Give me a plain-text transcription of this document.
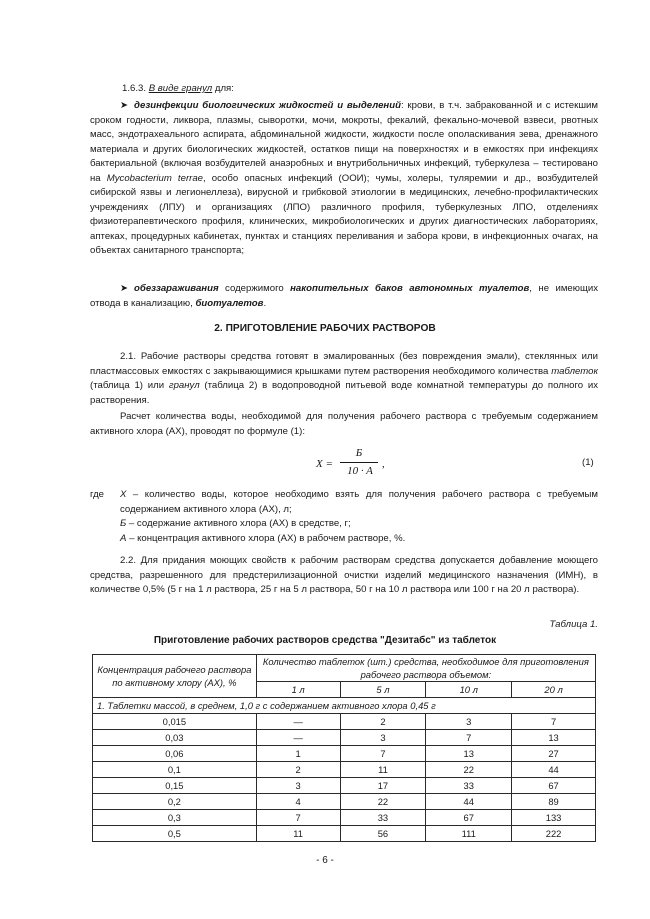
1.6.3. В виде гранул для:

➤ дезинфекции биологических жидкостей и выделений: крови, в т.ч. забракованной и с истекшим сроком годности, ликвора, плазмы, сыворотки, мочи, мокроты, фекалий, фекально-мочевой взвеси, рвотных масс, эндотрахеального аспирата, абдоминальной жидкости, жидкости после ополаскивания зева, дренажного материала и других биологических жидкостей, остатков пищи на поверхностях и в емкостях при инфекциях бактериальной (включая возбудителей анаэробных и внутрибольничных инфекций, туберкулеза – тестировано на Mycobacterium terrae, особо опасных инфекций (ООИ); чумы, холеры, туляремии и др., возбудителей сибирской язвы и легионеллеза), вирусной и грибковой этиологии в медицинских, лечебно-профилактических учреждениях (ЛПУ) и организациях (ЛПО) различного профиля, туберкулезных ЛПО, отделениях физиотерапевтического профиля, клинических, микробиологических и других диагностических лабораториях, аптеках, процедурных кабинетах, пунктах и станциях переливания и забора крови, в инфекционных очагах, на объектах санитарного транспорта;

➤ обеззараживания содержимого накопительных баков автономных туалетов, не имеющих отвода в канализацию, биотуалетов.

2. ПРИГОТОВЛЕНИЕ РАБОЧИХ РАСТВОРОВ

2.1. Рабочие растворы средства готовят в эмалированных (без повреждения эмали), стеклянных или пластмассовых емкостях с закрывающимися крышками путем растворения необходимого количества таблеток (таблица 1) или гранул (таблица 2) в водопроводной питьевой воде комнатной температуры до полного их растворения.

Расчет количества воды, необходимой для получения рабочего раствора с требуемым содержанием активного хлора (АХ), проводят по формуле (1):

X =
Б
10 · A
,	(1)
где X – количество воды, которое необходимо взять для получения рабочего раствора с требуемым содержанием активного хлора (АХ), л;

Б – содержание активного хлора (АХ) в средстве, г;

А – концентрация активного хлора (АХ) в рабочем растворе, %.

2.2. Для придания моющих свойств к рабочим растворам средства допускается добавление моющего средства, разрешенного для предстерилизационной очистки изделий медицинского назначения (ИМН), в количестве 0,5% (5 г на 1 л раствора, 25 г на 5 л раствора, 50 г на 10 л раствора или 100 г на 20 л раствора).

Таблица 1.
Приготовление рабочих растворов средства "Дезитабс" из таблеток
Концентрация рабочего раствора по активному хлору (АХ), %	Количество таблеток (шт.) средства, необходимое для приготовления рабочего раствора объемом:			
	1 л	5 л	10 л	20 л
1. Таблетки массой, в среднем, 1,0 г с содержанием активного хлора 0,45 г				
0,015	—	2	3	7
0,03	—	3	7	13
0,06	1	7	13	27
0,1	2	11	22	44
0,15	3	17	33	67
0,2	4	22	44	89
0,3	7	33	67	133
0,5	11	56	111	222
- 6 -
